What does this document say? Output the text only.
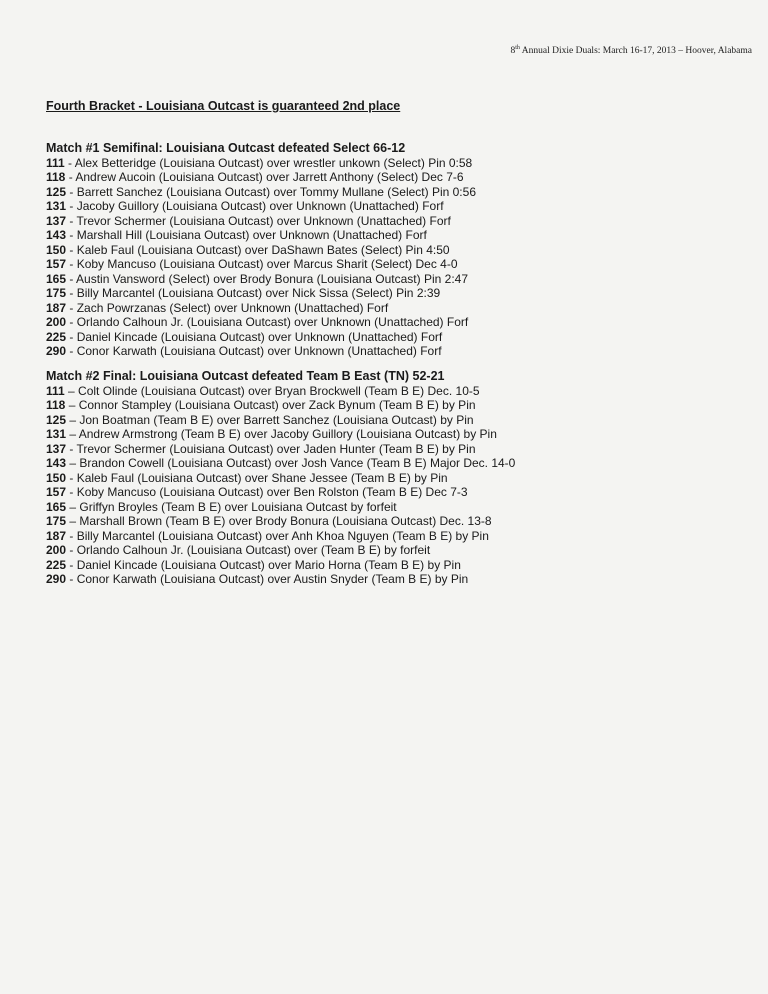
8th Annual Dixie Duals: March 16-17, 2013 – Hoover, Alabama
Fourth Bracket - Louisiana Outcast is guaranteed 2nd place
Match #1 Semifinal: Louisiana Outcast defeated Select 66-12
111 - Alex Betteridge (Louisiana Outcast) over wrestler unkown (Select) Pin 0:58
118 - Andrew Aucoin (Louisiana Outcast) over Jarrett Anthony (Select) Dec 7-6
125 - Barrett Sanchez (Louisiana Outcast) over Tommy Mullane (Select) Pin 0:56
131 - Jacoby Guillory (Louisiana Outcast) over Unknown (Unattached) Forf
137 - Trevor Schermer (Louisiana Outcast) over Unknown (Unattached) Forf
143 - Marshall Hill (Louisiana Outcast) over Unknown (Unattached) Forf
150 - Kaleb Faul (Louisiana Outcast) over DaShawn Bates (Select) Pin 4:50
157 - Koby Mancuso (Louisiana Outcast) over Marcus Sharit (Select) Dec 4-0
165 - Austin Vansword (Select) over Brody Bonura (Louisiana Outcast) Pin 2:47
175 - Billy Marcantel (Louisiana Outcast) over Nick Sissa (Select) Pin 2:39
187 - Zach Powrzanas (Select) over Unknown (Unattached) Forf
200 - Orlando Calhoun Jr. (Louisiana Outcast) over Unknown (Unattached) Forf
225 - Daniel Kincade (Louisiana Outcast) over Unknown (Unattached) Forf
290 - Conor Karwath (Louisiana Outcast) over Unknown (Unattached) Forf
Match #2 Final: Louisiana Outcast defeated Team B East (TN) 52-21
111 – Colt Olinde (Louisiana Outcast) over Bryan Brockwell (Team B E) Dec. 10-5
118 – Connor Stampley (Louisiana Outcast) over Zack Bynum (Team B E) by Pin
125 – Jon Boatman (Team B E) over Barrett Sanchez (Louisiana Outcast) by Pin
131 – Andrew Armstrong (Team B E) over Jacoby Guillory (Louisiana Outcast) by Pin
137 - Trevor Schermer (Louisiana Outcast) over Jaden Hunter (Team B E) by Pin
143 – Brandon Cowell (Louisiana Outcast) over Josh Vance (Team B E) Major Dec. 14-0
150 - Kaleb Faul (Louisiana Outcast) over Shane Jessee (Team B E) by Pin
157 - Koby Mancuso (Louisiana Outcast) over Ben Rolston (Team B E) Dec 7-3
165 – Griffyn Broyles (Team B E) over Louisiana Outcast by forfeit
175 – Marshall Brown (Team B E) over Brody Bonura (Louisiana Outcast) Dec. 13-8
187 - Billy Marcantel (Louisiana Outcast) over Anh Khoa Nguyen (Team B E) by Pin
200 - Orlando Calhoun Jr. (Louisiana Outcast) over (Team B E) by forfeit
225 - Daniel Kincade (Louisiana Outcast) over Mario Horna (Team B E) by Pin
290 - Conor Karwath (Louisiana Outcast) over Austin Snyder (Team B E) by Pin
